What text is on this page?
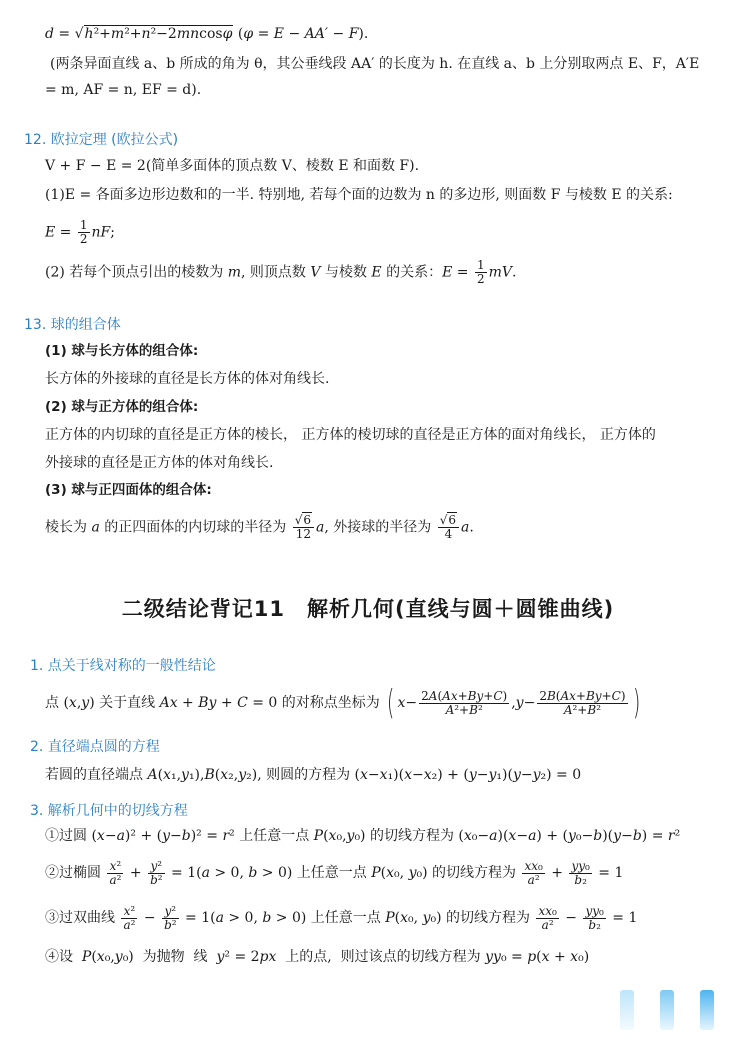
d = √h²+m²+n²−2mncosφ (φ = E − AA′ − F).
(两条异面直线 a、b 所成的角为 θ，其公垂线段 AA′ 的长度为 h. 在直线 a、b 上分别取两点 E、F，A′E
= m, AF = n, EF = d).
12. 欧拉定理 (欧拉公式)
V + F − E = 2(简单多面体的顶点数 V、棱数 E 和面数 F).
(1)E = 各面多边形边数和的一半. 特别地, 若每个面的边数为 n 的多边形, 则面数 F 与棱数 E 的关系:
$E = \frac{1}{2}$ nF;
(2) 若每个顶点引出的棱数为 m, 则顶点数 V 与棱数 E 的关系：$E = \frac{1}{2}$ mV.
13. 球的组合体
(1) 球与长方体的组合体:
长方体的外接球的直径是长方体的体对角线长.
(2) 球与正方体的组合体:
正方体的内切球的直径是正方体的棱长， 正方体的棱切球的直径是正方体的面对角线长， 正方体的
外接球的直径是正方体的体对角线长.
(3) 球与正四面体的组合体:
棱长为 a 的正四面体的内切球的半径为 $\frac{√6}{12} a$, 外接球的半径为 $\frac{√6}{4} a$.
二级结论背记11　解析几何(直线与圆＋圆锥曲线)
1. 点关于线对称的一般性结论
点 (x,y) 关于直线 Ax + By + C = 0 的对称点坐标为 ( $x- \frac{2A(Ax+By+C)}{\text{A²+B²}} ,y- \frac{2B(Ax+By+C)}{\text{A²+B²}}$ )
2. 直径端点圆的方程
若圆的直径端点 A(x₁,y₁),B(x₂,y₂), 则圆的方程为 (x−x₁)(x−x₂) + (y−y₁)(y−y₂) = 0
3. 解析几何中的切线方程
①过圆 (x−a)² + (y−b)² = r² 上任意一点 P(x₀,y₀) 的切线方程为 (x₀−a)(x−a) + (y₀−b)(y−b) = r²
②过椭圆 $\frac{\text{x²}}{\text{a²}} + \frac{\text{y²}}{\text{b²}} = 1(a > 0$, b > 0) 上任意一点 P(x₀, y₀) 的切线方程为 $\frac{\text{xx₀}}{\text{a²}} + \frac{\text{yy₀}}{\text{b₂}} = 1$
③过双曲线 $\frac{\text{x²}}{\text{a²}} - \frac{\text{y²}}{\text{b²}} = 1(a > 0$, b > 0) 上任意一点 P(x₀, y₀) 的切线方程为 $\frac{\text{xx₀}}{\text{a²}} - \frac{\text{yy₀}}{\text{b₂}} = 1$
④设  P(x₀,y₀)  为抛物  线  y² = 2px  上的点,  则过该点的切线方程为 yy₀ = p(x + x₀)
